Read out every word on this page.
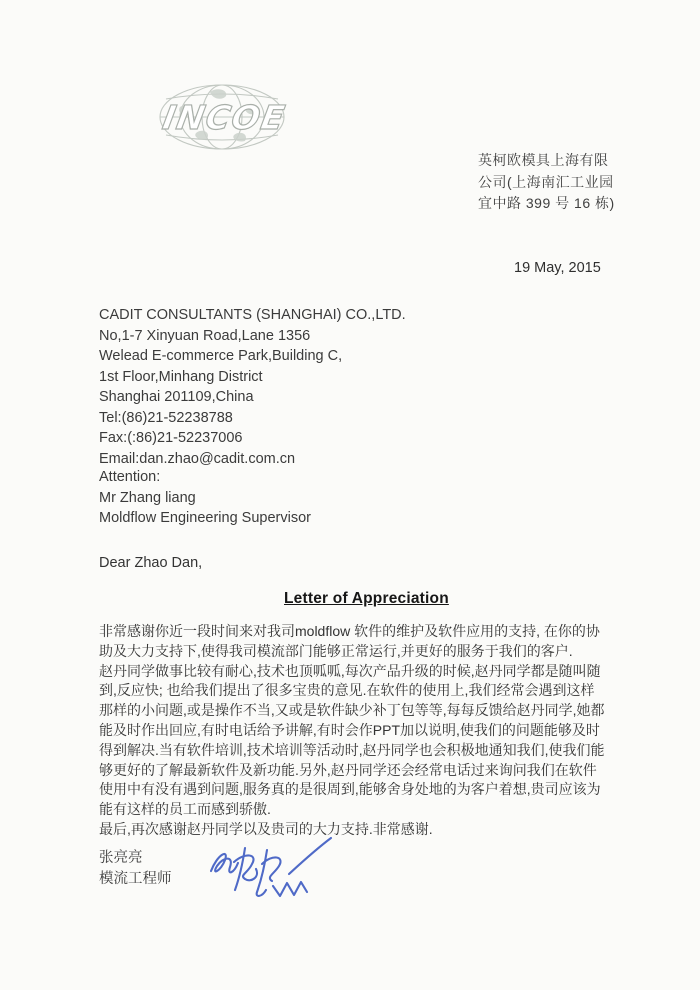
INCOE
英柯欧模具上海有限
公司(上海南汇工业园
宜中路 399 号 16 栋)
19 May, 2015
CADIT CONSULTANTS (SHANGHAI) CO.,LTD.
No,1-7 Xinyuan Road,Lane 1356
Welead E-commerce Park,Building C,
1st Floor,Minhang District
Shanghai 201109,China
Tel:(86)21-52238788
Fax:(:86)21-52237006
Email:dan.zhao@cadit.com.cn
Attention:
Mr Zhang liang
Moldflow Engineering Supervisor
Dear Zhao Dan,
Letter of Appreciation
非常感谢你近一段时间来对我司moldflow 软件的维护及软件应用的支持, 在你的协
助及大力支持下,使得我司模流部门能够正常运行,并更好的服务于我们的客户.
赵丹同学做事比较有耐心,技术也顶呱呱,每次产品升级的时候,赵丹同学都是随叫随
到,反应快; 也给我们提出了很多宝贵的意见.在软件的使用上,我们经常会遇到这样
那样的小问题,或是操作不当,又或是软件缺少补丁包等等,每每反馈给赵丹同学,她都
能及时作出回应,有时电话给予讲解,有时会作PPT加以说明,使我们的问题能够及时
得到解决.当有软件培训,技术培训等活动时,赵丹同学也会积极地通知我们,使我们能
够更好的了解最新软件及新功能.另外,赵丹同学还会经常电话过来询问我们在软件
使用中有没有遇到问题,服务真的是很周到,能够舍身处地的为客户着想,贵司应该为
能有这样的员工而感到骄傲.
最后,再次感谢赵丹同学以及贵司的大力支持.非常感谢.
张亮亮
模流工程师
